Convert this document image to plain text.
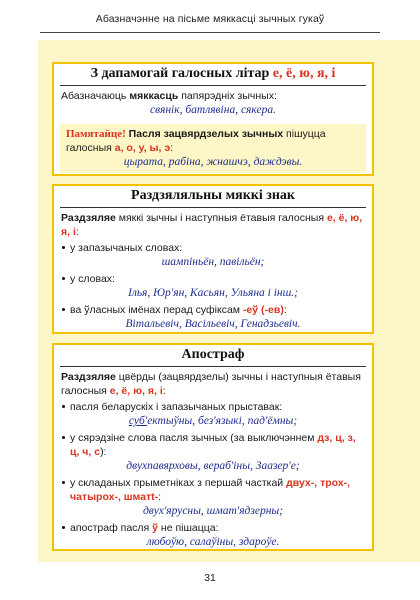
Абазначэнне на пісьме мяккасці зычных гукаў
З дапамогай галосных літар е, ё, ю, я, і
Абазначаюць мяккасць папярэдніх зычных:
свянік, батлявіна, сякера.
Памятайце! Пасля зацвярдзелых зычных пішуцца галосныя а, о, у, ы, э:
цырата, рабіна, жнашчэ, даждэвы.
Раздзяляльны мяккі знак
Раздзяляе мяккі зычны і наступныя ётавыя галосныя е, ё, ю, я, і:
у запазычаных словах:
шампіньён, павільён;
у словах:
Ілья, Юр'ян, Касьян, Ульяна і інш.;
ва ўласных імёнах перад суфіксам -еў (-ев):
Вітальевіч, Васільевіч, Генадзьевіч.
Апостраф
Раздзяляе цвёрды (зацвярдзелы) зычны і наступныя ётавыя галосныя е, ё, ю, я, і:
пасля беларускіх і запазычаных прыставак:
суб'ектыўны, без'языкі, пад'ёмны;
у сярэдзіне слова пасля зычных (за выключэннем дз, ц, з, ц, ч, с):
двухпавярховы, вераб'іны, Заазер'е;
у складаных прыметніках з першай часткай двух-, трох-, чатырох-, шматt-:
двух'ярусны, шмат'ядзерны;
апостраф пасля ў не пішацца:
любоўю, салаўіны, здароўе.
31
